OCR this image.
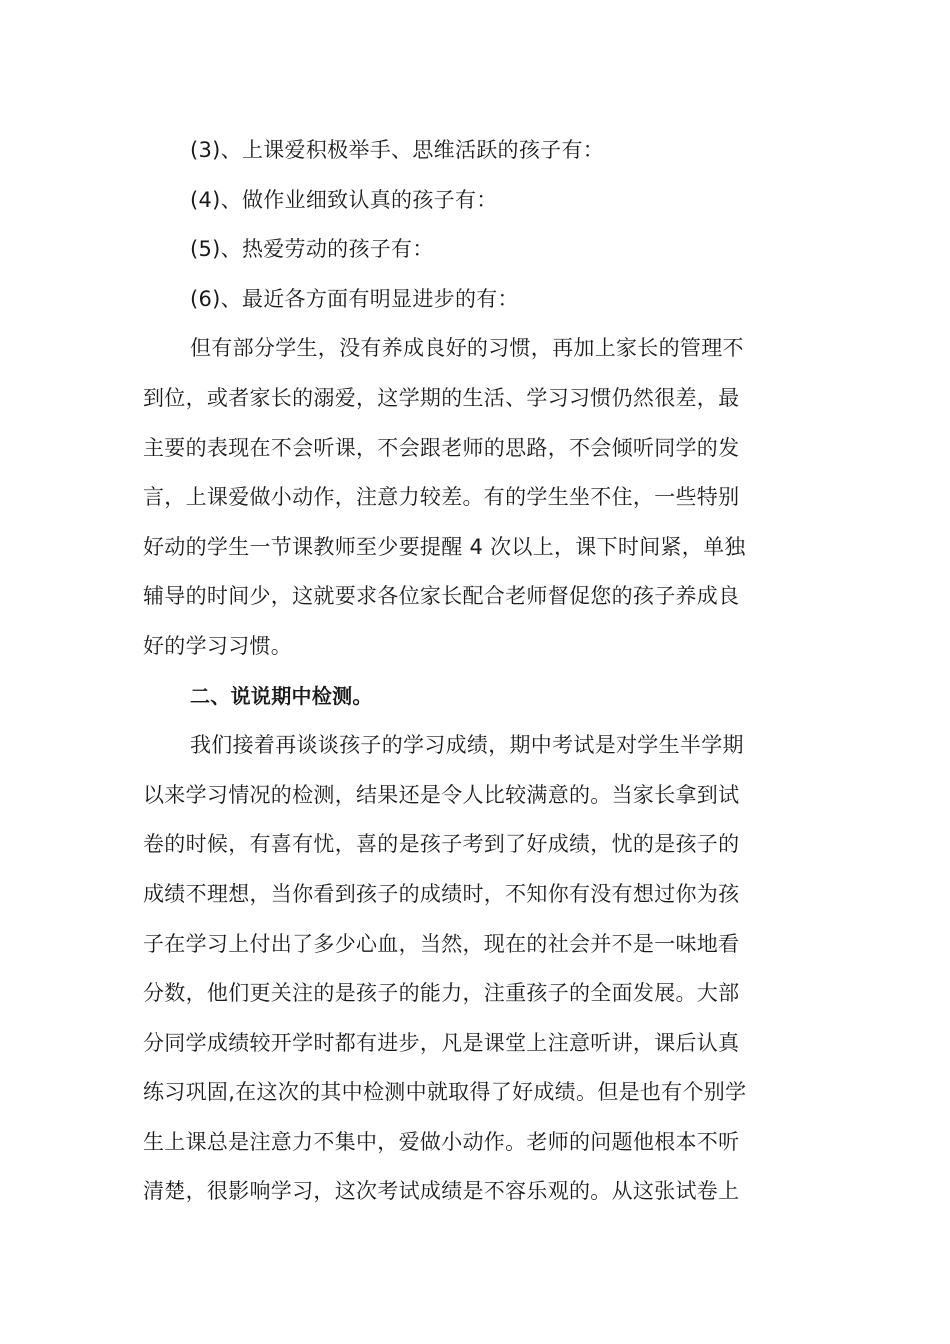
(3)、上课爱积极举手、思维活跃的孩子有：
(4)、做作业细致认真的孩子有：
(5)、热爱劳动的孩子有：
(6)、最近各方面有明显进步的有：
但有部分学生，没有养成良好的习惯，再加上家长的管理不
到位，或者家长的溺爱，这学期的生活、学习习惯仍然很差，最
主要的表现在不会听课，不会跟老师的思路，不会倾听同学的发
言，上课爱做小动作，注意力较差。有的学生坐不住，一些特别
好动的学生一节课教师至少要提醒 4 次以上，课下时间紧，单独
辅导的时间少，这就要求各位家长配合老师督促您的孩子养成良
好的学习习惯。
二、说说期中检测。
我们接着再谈谈孩子的学习成绩，期中考试是对学生半学期
以来学习情况的检测，结果还是令人比较满意的。当家长拿到试
卷的时候，有喜有忧，喜的是孩子考到了好成绩，忧的是孩子的
成绩不理想，当你看到孩子的成绩时，不知你有没有想过你为孩
子在学习上付出了多少心血，当然，现在的社会并不是一味地看
分数，他们更关注的是孩子的能力，注重孩子的全面发展。大部
分同学成绩较开学时都有进步，凡是课堂上注意听讲，课后认真
练习巩固,在这次的其中检测中就取得了好成绩。但是也有个别学
生上课总是注意力不集中，爱做小动作。老师的问题他根本不听
清楚，很影响学习，这次考试成绩是不容乐观的。从这张试卷上
